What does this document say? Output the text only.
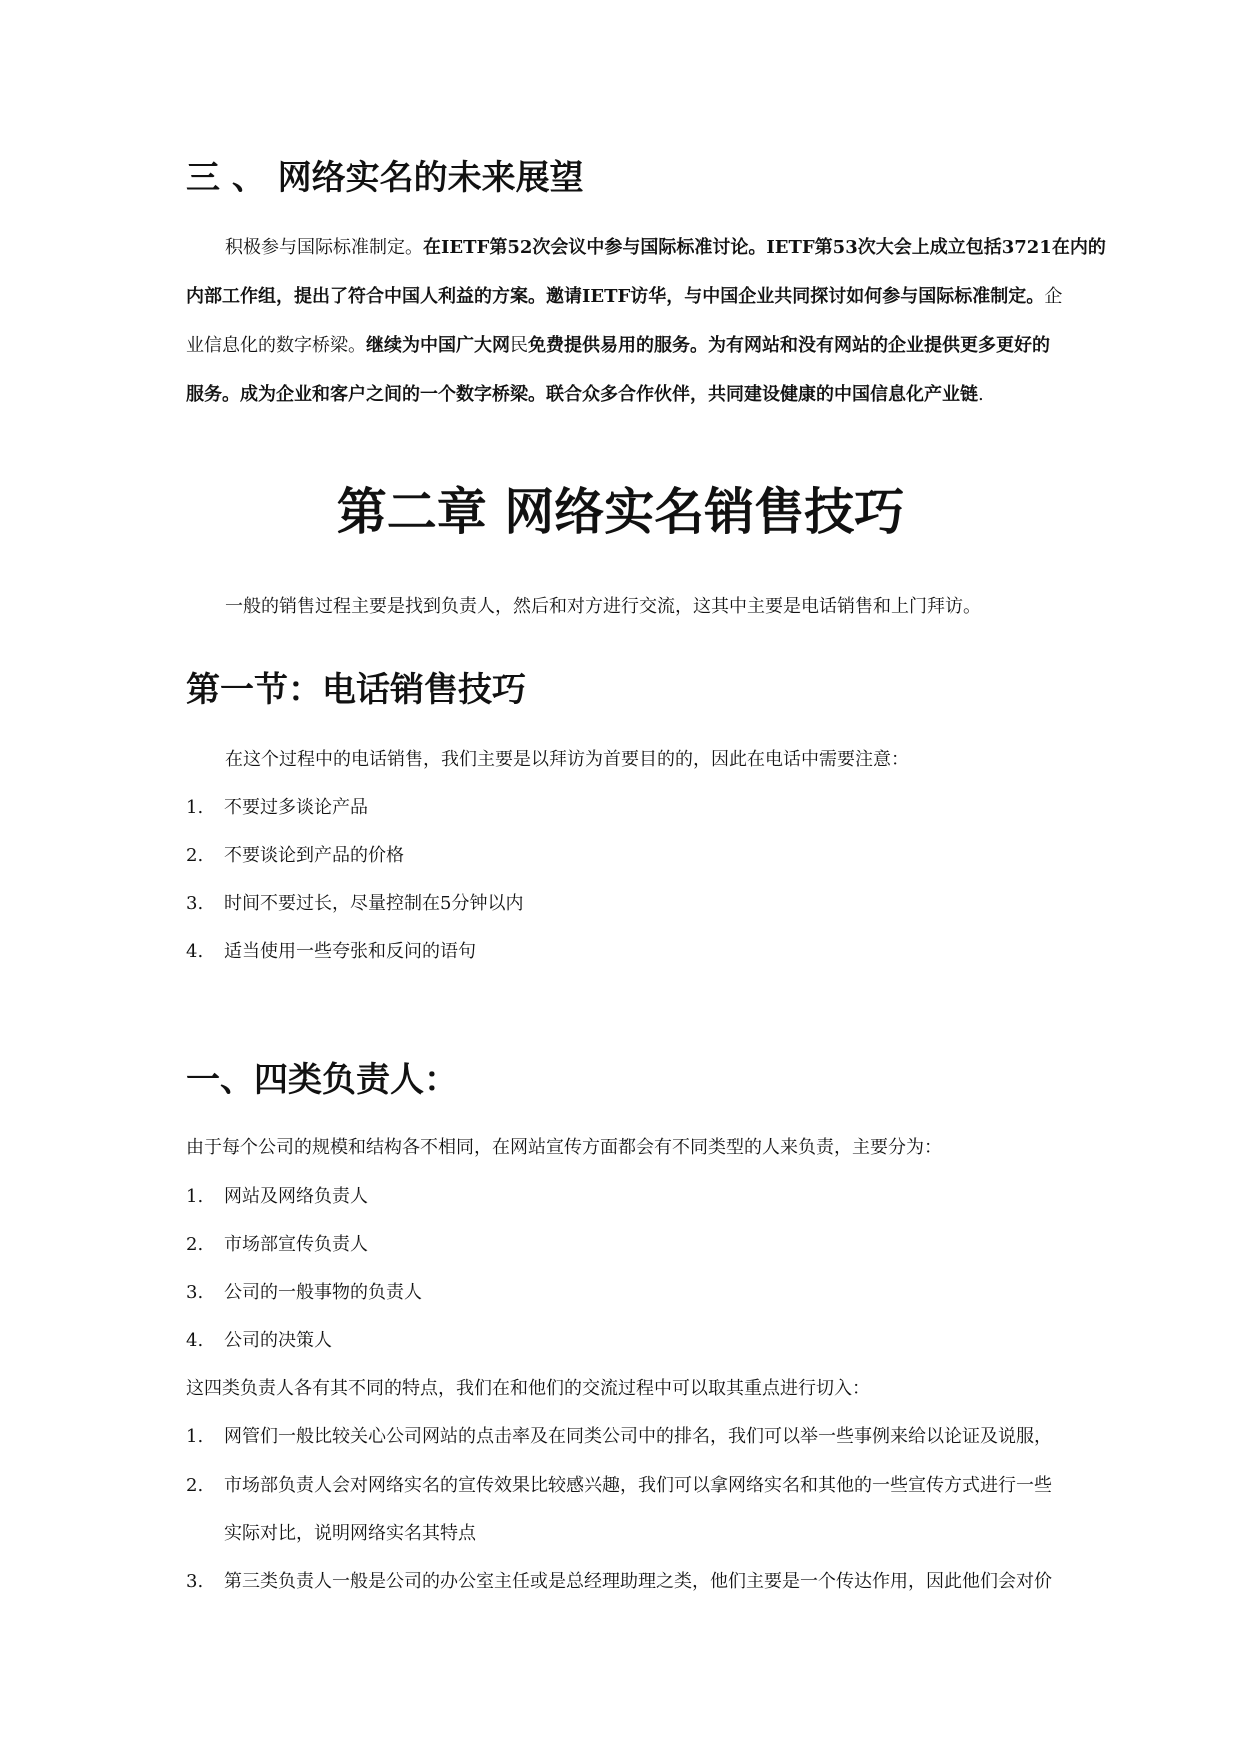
三 、 网络实名的未来展望
积极参与国际标准制定。在IETF第52次会议中参与国际标准讨论。IETF第53次大会上成立包括3721在内的
内部工作组，提出了符合中国人利益的方案。邀请IETF访华，与中国企业共同探讨如何参与国际标准制定。企
业信息化的数字桥梁。继续为中国广大网民免费提供易用的服务。为有网站和没有网站的企业提供更多更好的
服务。成为企业和客户之间的一个数字桥梁。联合众多合作伙伴，共同建设健康的中国信息化产业链.
第二章 网络实名销售技巧
一般的销售过程主要是找到负责人，然后和对方进行交流，这其中主要是电话销售和上门拜访。
第一节：电话销售技巧
在这个过程中的电话销售，我们主要是以拜访为首要目的的，因此在电话中需要注意：
1. 不要过多谈论产品
2. 不要谈论到产品的价格
3. 时间不要过长，尽量控制在5分钟以内
4. 适当使用一些夸张和反问的语句
一、四类负责人：
由于每个公司的规模和结构各不相同，在网站宣传方面都会有不同类型的人来负责，主要分为：
1. 网站及网络负责人
2. 市场部宣传负责人
3. 公司的一般事物的负责人
4. 公司的决策人
这四类负责人各有其不同的特点，我们在和他们的交流过程中可以取其重点进行切入：
1. 网管们一般比较关心公司网站的点击率及在同类公司中的排名，我们可以举一些事例来给以论证及说服，
2. 市场部负责人会对网络实名的宣传效果比较感兴趣，我们可以拿网络实名和其他的一些宣传方式进行一些
实际对比，说明网络实名其特点
3. 第三类负责人一般是公司的办公室主任或是总经理助理之类，他们主要是一个传达作用，因此他们会对价
